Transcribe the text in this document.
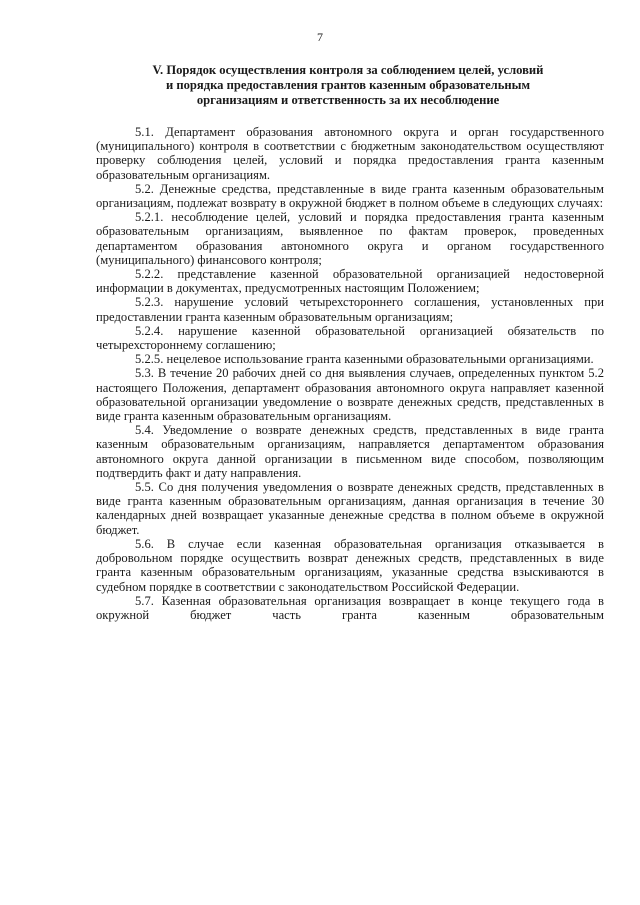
7
V. Порядок осуществления контроля за соблюдением целей, условий
и порядка предоставления грантов казенным образовательным
организациям и ответственность за их несоблюдение

5.1. Департамент образования автономного округа и орган государственного (муниципального) контроля в соответствии с бюджетным законодательством осуществляют проверку соблюдения целей, условий и порядка предоставления гранта казенным образовательным организациям.

5.2. Денежные средства, представленные в виде гранта казенным образовательным организациям, подлежат возврату в окружной бюджет в полном объеме в следующих случаях:

5.2.1. несоблюдение целей, условий и порядка предоставления гранта казенным образовательным организациям, выявленное по фактам проверок, проведенных департаментом образования автономного округа и органом государственного (муниципального) финансового контроля;

5.2.2. представление казенной образовательной организацией недостоверной информации в документах, предусмотренных настоящим Положением;

5.2.3. нарушение условий четырехстороннего соглашения, установленных при предоставлении гранта казенным образовательным организациям;

5.2.4. нарушение казенной образовательной организацией обязательств по четырехстороннему соглашению;

5.2.5. нецелевое использование гранта казенными образовательными организациями.

5.3. В течение 20 рабочих дней со дня выявления случаев, определенных пунктом 5.2 настоящего Положения, департамент образования автономного округа направляет казенной образовательной организации уведомление о возврате денежных средств, представленных в виде гранта казенным образовательным организациям.

5.4. Уведомление о возврате денежных средств, представленных в виде гранта казенным образовательным организациям, направляется департаментом образования автономного округа данной организации в письменном виде способом, позволяющим подтвердить факт и дату направления.

5.5. Со дня получения уведомления о возврате денежных средств, представленных в виде гранта казенным образовательным организациям, данная организация в течение 30 календарных дней возвращает указанные денежные средства в полном объеме в окружной бюджет.

5.6. В случае если казенная образовательная организация отказывается в добровольном порядке осуществить возврат денежных средств, представленных в виде гранта казенным образовательным организациям, указанные средства взыскиваются в судебном порядке в соответствии с законодательством Российской Федерации.

5.7. Казенная образовательная организация возвращает в конце текущего года в окружной бюджет часть гранта казенным образовательным
